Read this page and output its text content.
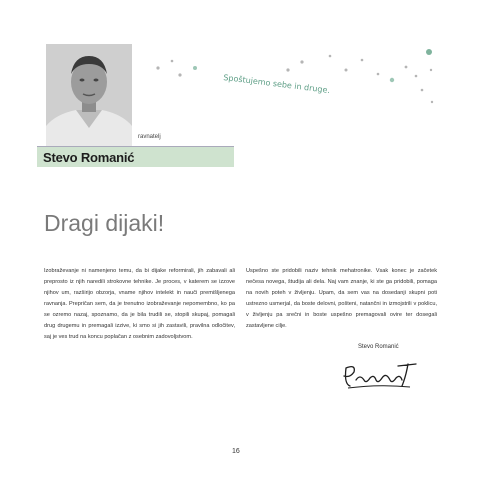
ravnatelj
Stevo Romanić
Spoštujemo sebe in druge.
Dragi dijaki!
Izobraževanje ni namenjeno temu, da bi dijake reformirali, jih zabavali ali preprosto iz njih naredili strokovne tehnike. Je proces, v katerem se izzove njihov um, razširijo obzorja, vname njihov intelekt in nauči premišljenega ravnanja. Prepričan sem, da je trenutno izobraževanje nepomembno, ko pa se ozremo nazaj, spoznamo, da je bila trudili se, stopili skupaj, pomagali drug drugemu in premagali izzive, ki smo si jih zastavili, pravilna odločitev, saj je ves trud na koncu poplačan z osebnim zadovoljstvom.
Uspešno ste pridobili naziv tehnik mehatronike. Vsak konec je začetek nečesa novega, študija ali dela. Naj vam znanje, ki ste ga pridobili, pomaga na novih poteh v življenju. Upam, da sem vas na dosedanji skupni poti ustrezno usmerjal, da boste delovni, pošteni, natančni in izmojstrili v poklicu, v življenju pa srečni in boste uspešno premagovali ovire ter dosegali zastavljene cilje.
Stevo Romanić
16
